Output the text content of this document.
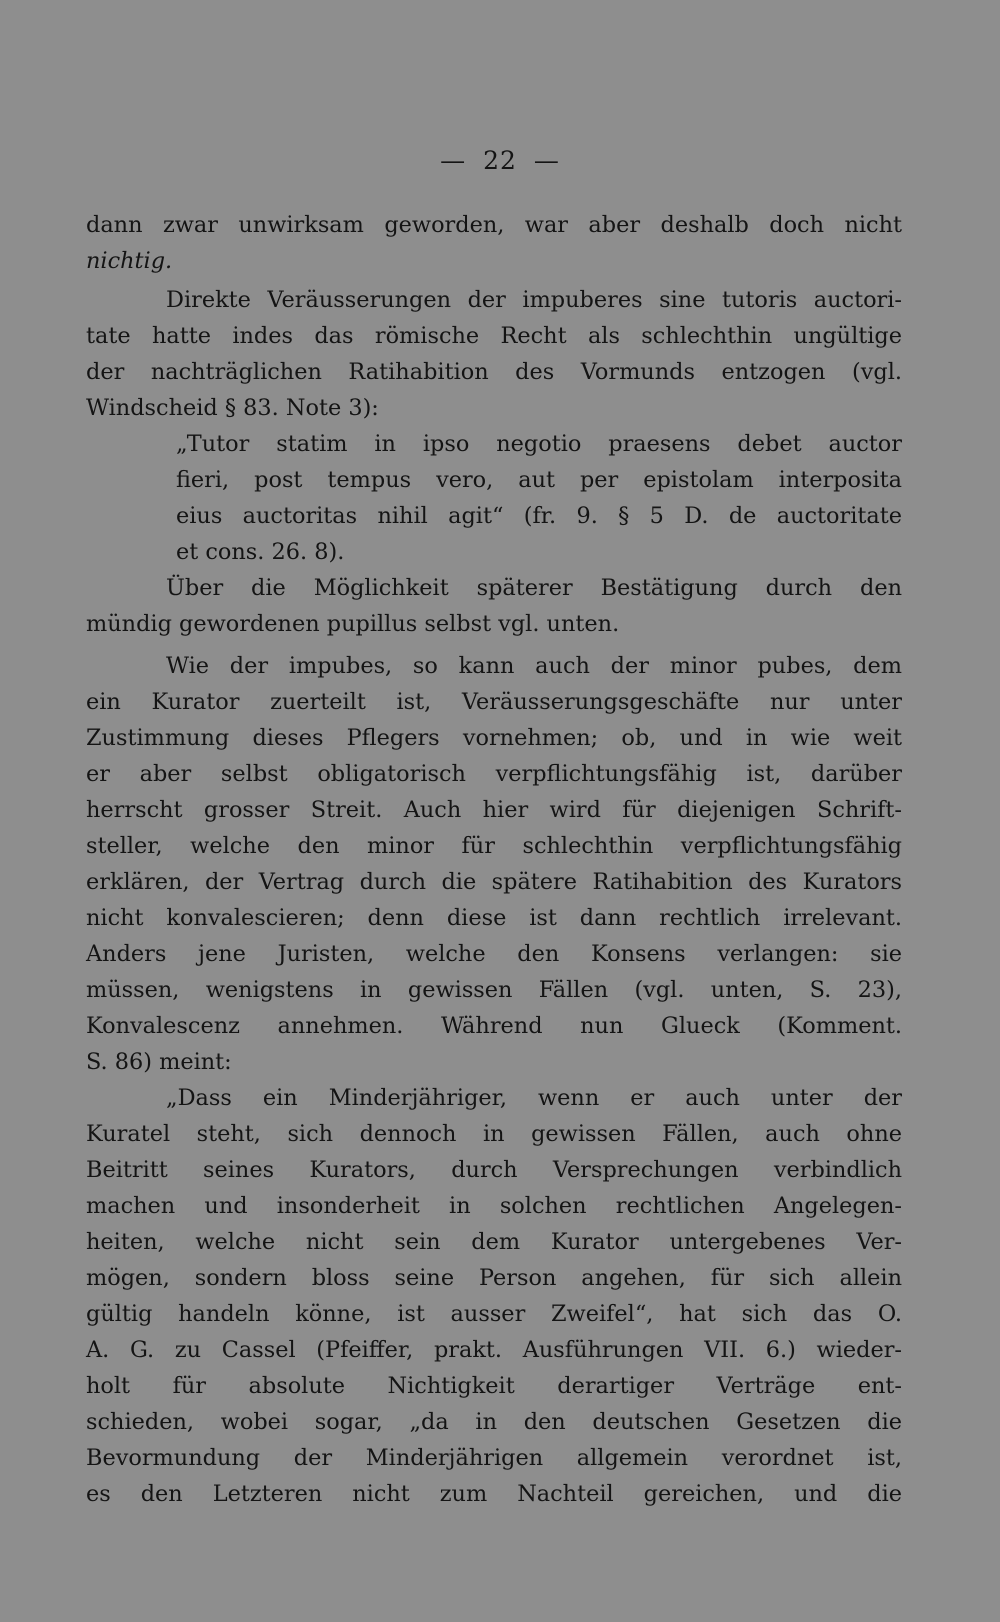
— 22 —
dann zwar unwirksam geworden, war aber deshalb doch nicht
nichtig.
Direkte Veräusserungen der impuberes sine tutoris auctori-
tate hatte indes das römische Recht als schlechthin ungültige
der nachträglichen Ratihabition des Vormunds entzogen (vgl.
Windscheid § 83. Note 3):
„Tutor statim in ipso negotio praesens debet auctor
fieri, post tempus vero, aut per epistolam interposita
eius auctoritas nihil agit“ (fr. 9. § 5 D. de auctoritate
et cons. 26. 8).
Über die Möglichkeit späterer Bestätigung durch den
mündig gewordenen pupillus selbst vgl. unten.
Wie der impubes, so kann auch der minor pubes, dem
ein Kurator zuerteilt ist, Veräusserungsgeschäfte nur unter
Zustimmung dieses Pflegers vornehmen; ob, und in wie weit
er aber selbst obligatorisch verpflichtungsfähig ist, darüber
herrscht grosser Streit. Auch hier wird für diejenigen Schrift-
steller, welche den minor für schlechthin verpflichtungsfähig
erklären, der Vertrag durch die spätere Ratihabition des Kurators
nicht konvalescieren; denn diese ist dann rechtlich irrelevant.
Anders jene Juristen, welche den Konsens verlangen: sie
müssen, wenigstens in gewissen Fällen (vgl. unten, S. 23),
Konvalescenz annehmen. Während nun Glueck (Komment.
S. 86) meint:
„Dass ein Minderjähriger, wenn er auch unter der
Kuratel steht, sich dennoch in gewissen Fällen, auch ohne
Beitritt seines Kurators, durch Versprechungen verbindlich
machen und insonderheit in solchen rechtlichen Angelegen-
heiten, welche nicht sein dem Kurator untergebenes Ver-
mögen, sondern bloss seine Person angehen, für sich allein
gültig handeln könne, ist ausser Zweifel“, hat sich das O.
A. G. zu Cassel (Pfeiffer, prakt. Ausführungen VII. 6.) wieder-
holt für absolute Nichtigkeit derartiger Verträge ent-
schieden, wobei sogar, „da in den deutschen Gesetzen die
Bevormundung der Minderjährigen allgemein verordnet ist,
es den Letzteren nicht zum Nachteil gereichen, und die
